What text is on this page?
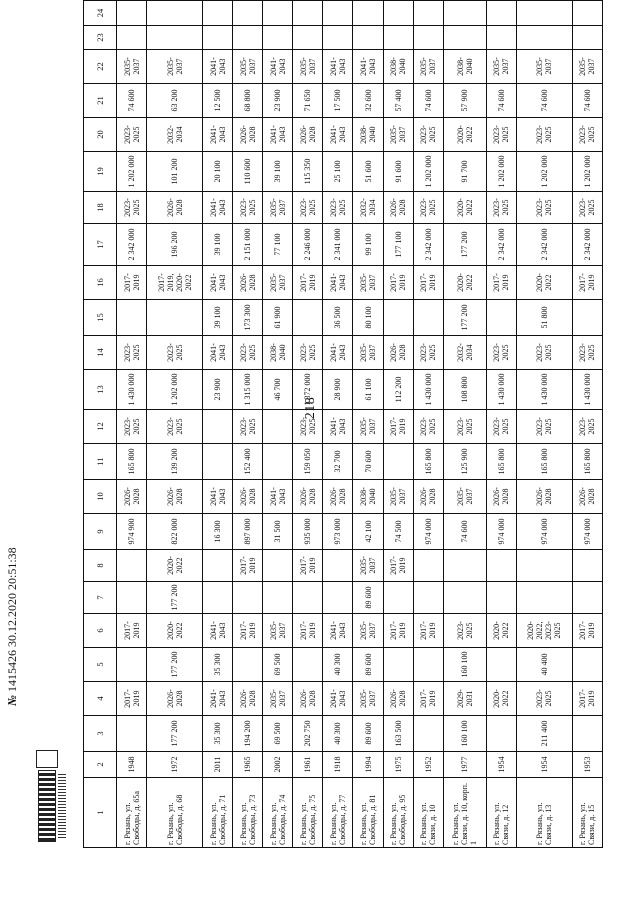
218
1	2	3	4	5	6	7	8	9	10	11	12	13	14	15	16	17	18	19	20	21	22	23	24
г. Рязань, ул. Свободы, д. 65а	1948		2017-2019		2017-2019			974 900	2026-2028	165 800	2023-2025	1 430 000	2023-2025		2017-2019	2 342 000	2023-2025	1 202 000	2023-2025	74 600	2035-2037		
г. Рязань, ул. Свободы, д. 68	1972	177 200	2026-2028	177 200	2020-2022	177 200	2020-2022	822 000	2026-2028	139 200	2023-2025	1 202 000	2023-2025		2017-2019, 2020-2022	196 200	2026-2028	101 200	2032-2034	63 200	2035-2037		
г. Рязань, ул. Свободы, д. 71	2011	35 300	2041-2043	35 300	2041-2043			16 300	2041-2043			23 900	2041-2043	39 100	2041-2043	39 100	2041-2043	20 100	2041-2043	12 500	2041-2043		
г. Рязань, ул. Свободы, д. 73	1965	194 200	2026-2028		2017-2019		2017-2019	897 000	2026-2028	152 400	2023-2025	1 315 000	2023-2025	173 300	2026-2028	2 151 000	2023-2025	110 600	2026-2028	68 800	2035-2037		
г. Рязань, ул. Свободы, д. 74	2002	69 500	2035-2037	69 500	2035-2037			31 500	2041-2043			46 700	2038-2040	61 900	2035-2037	77 100	2035-2037	39 100	2041-2043	23 900	2041-2043		
г. Рязань, ул. Свободы, д. 75	1961	202 750	2026-2028		2017-2019		2017-2019	935 000	2026-2028	159 050	2023-2025	1 372 000	2023-2025		2017-2019	2 246 000	2023-2025	115 350	2026-2028	71 650	2035-2037		
г. Рязань, ул. Свободы, д. 77	1918	40 300	2041-2043	40 300	2041-2043			973 000	2026-2028	32 700	2041-2043	28 900	2041-2043	36 500	2041-2043	2 341 000	2023-2025	25 100	2041-2043	17 500	2041-2043		
г. Рязань, ул. Свободы, д. 81	1994	89 600	2035-2037	89 600	2035-2037	89 600	2035-2037	42 100	2038-2040	70 600	2035-2037	61 100	2035-2037	80 100	2035-2037	99 100	2032-2034	51 600	2038-2040	32 600	2041-2043		
г. Рязань, ул. Свободы, д. 95	1975	163 500	2026-2028		2017-2019		2017-2019	74 500	2035-2037		2017-2019	112 200	2026-2028		2017-2019	177 100	2026-2028	91 600	2035-2037	57 400	2038-2040		
г. Рязань, ул. Связи, д. 10	1952		2017-2019		2017-2019			974 000	2026-2028	165 800	2023-2025	1 430 000	2023-2025		2017-2019	2 342 000	2023-2025	1 202 000	2023-2025	74 600	2035-2037		
г. Рязань, ул. Связи, д. 10, корп. 1	1977	160 100	2029-2031	160 100	2023-2025			74 600	2035-2037	125 900	2023-2025	108 800	2032-2034	177 200	2020-2022	177 200	2020-2022	91 700	2020-2022	57 900	2038-2040		
г. Рязань, ул. Связи, д. 12	1954		2020-2022		2020-2022			974 000	2026-2028	165 800	2023-2025	1 430 000	2023-2025		2017-2019	2 342 000	2023-2025	1 202 000	2023-2025	74 600	2035-2037		
г. Рязань, ул. Связи, д. 13	1954	211 400	2023-2025	40 400	2020-2022, 2023-2025			974 000	2026-2028	165 800	2023-2025	1 430 000	2023-2025	51 800	2020-2022	2 342 000	2023-2025	1 202 000	2023-2025	74 600	2035-2037		
г. Рязань, ул. Связи, д. 15	1953		2017-2019		2017-2019			974 000	2026-2028	165 800	2023-2025	1 430 000	2023-2025		2017-2019	2 342 000	2023-2025	1 202 000	2023-2025	74 600	2035-2037		
№1415426 30.12.2020 20:51:38
